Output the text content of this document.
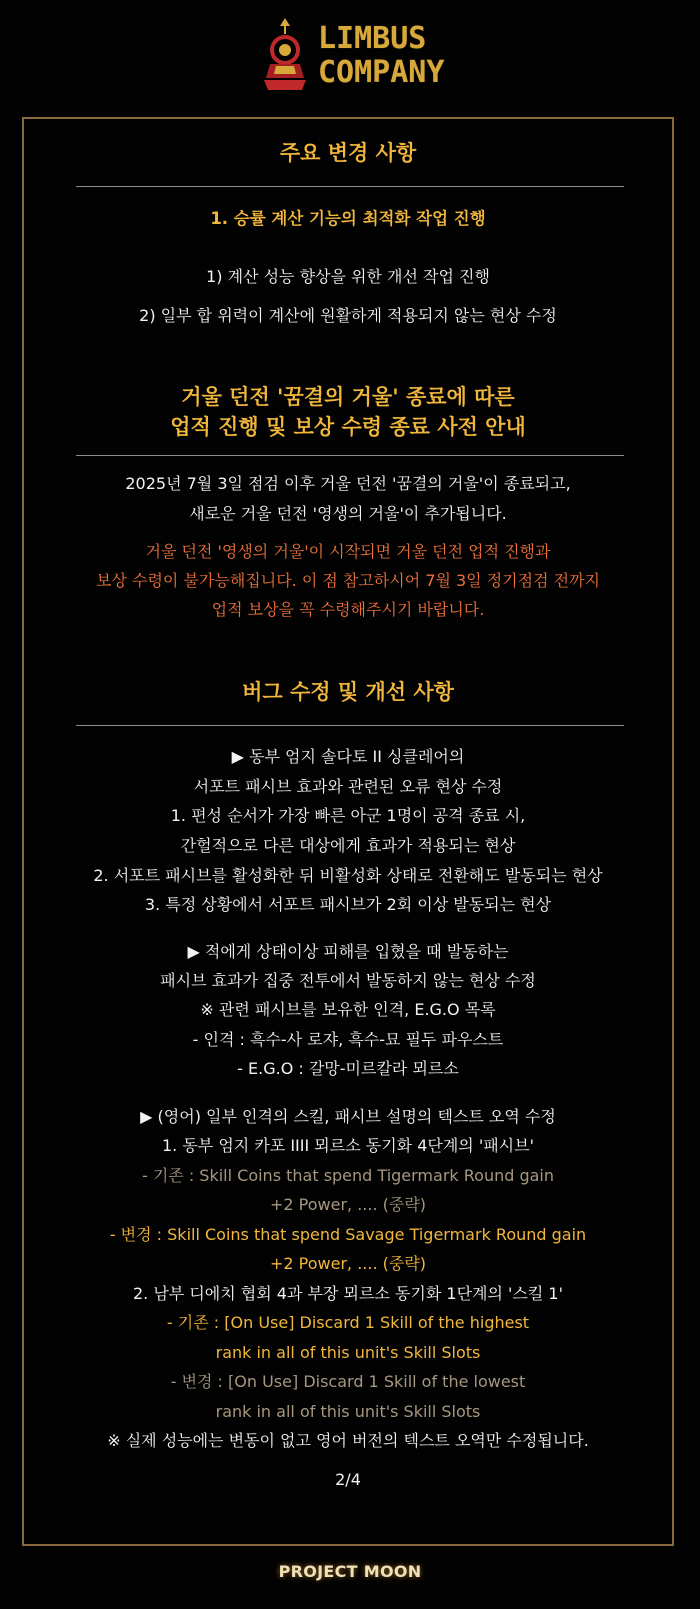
LIMBUS
COMPANY
주요 변경 사항
1. 승률 계산 기능의 최적화 작업 진행
1) 계산 성능 향상을 위한 개선 작업 진행
2) 일부 합 위력이 계산에 원활하게 적용되지 않는 현상 수정
거울 던전 '꿈결의 거울' 종료에 따른
업적 진행 및 보상 수령 종료 사전 안내
2025년 7월 3일 점검 이후 거울 던전 '꿈결의 거울'이 종료되고,
새로운 거울 던전 '영생의 거울'이 추가됩니다.
거울 던전 '영생의 거울'이 시작되면 거울 던전 업적 진행과
보상 수령이 불가능해집니다. 이 점 참고하시어 7월 3일 정기점검 전까지
업적 보상을 꼭 수령해주시기 바랍니다.
버그 수정 및 개선 사항
▶ 동부 엄지 솔다토 II 싱클레어의
서포트 패시브 효과와 관련된 오류 현상 수정
1. 편성 순서가 가장 빠른 아군 1명이 공격 종료 시,
간헐적으로 다른 대상에게 효과가 적용되는 현상
2. 서포트 패시브를 활성화한 뒤 비활성화 상태로 전환해도 발동되는 현상
3. 특정 상황에서 서포트 패시브가 2회 이상 발동되는 현상
▶ 적에게 상태이상 피해를 입혔을 때 발동하는
패시브 효과가 집중 전투에서 발동하지 않는 현상 수정
※ 관련 패시브를 보유한 인격, E.G.O 목록
- 인격 : 흑수-사 로쟈, 흑수-묘 필두 파우스트
- E.G.O : 갈망-미르칼라 뫼르소
▶ (영어) 일부 인격의 스킬, 패시브 설명의 텍스트 오역 수정
1. 동부 엄지 카포 IIII 뫼르소 동기화 4단계의 '패시브'
- 기존 : Skill Coins that spend Tigermark Round gain
+2 Power, .... (중략)
- 변경 : Skill Coins that spend Savage Tigermark Round gain
+2 Power, .... (중략)
2. 남부 디에치 협회 4과 부장 뫼르소 동기화 1단계의 '스킬 1'
- 기존 : [On Use] Discard 1 Skill of the highest
rank in all of this unit's Skill Slots
- 변경 : [On Use] Discard 1 Skill of the lowest
rank in all of this unit's Skill Slots
※ 실제 성능에는 변동이 없고 영어 버전의 텍스트 오역만 수정됩니다.
2/4
PROJECT MOON
